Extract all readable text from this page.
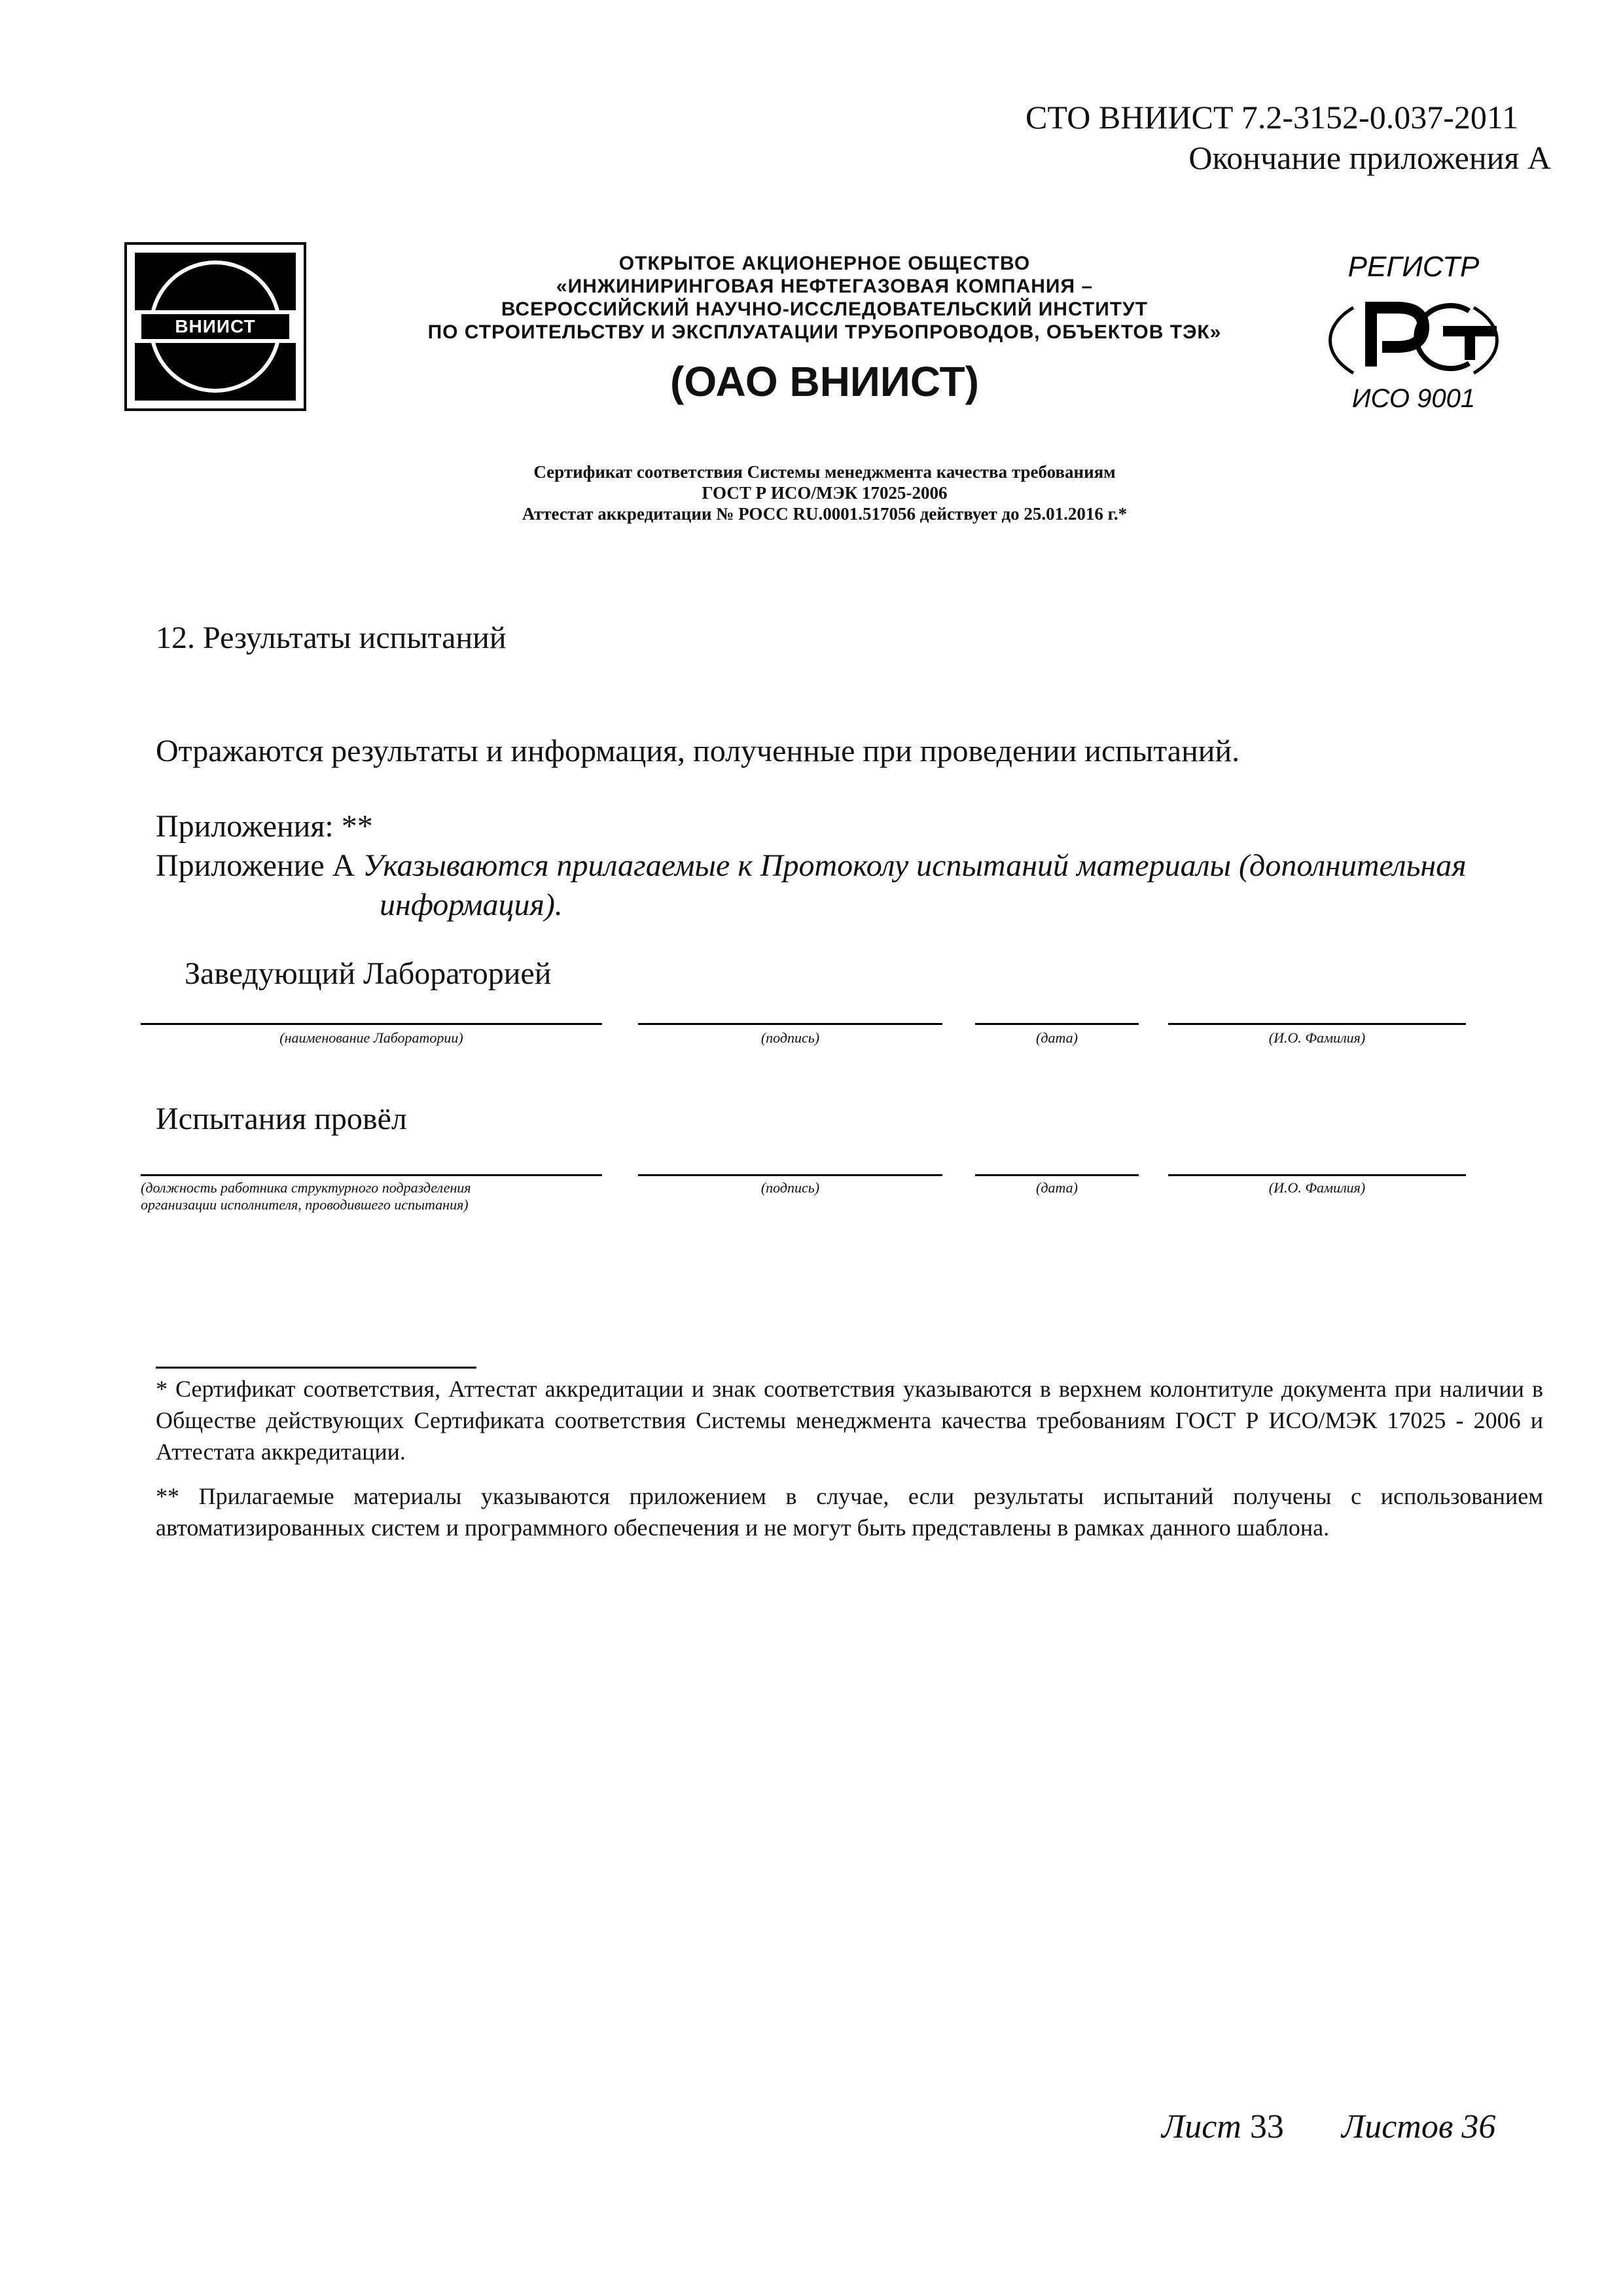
СТО ВНИИСТ 7.2-3152-0.037-2011
Окончание приложения А
ВНИИСТ
ОТКРЫТОЕ АКЦИОНЕРНОЕ ОБЩЕСТВО
«ИНЖИНИРИНГОВАЯ НЕФТЕГАЗОВАЯ КОМПАНИЯ –
ВСЕРОССИЙСКИЙ НАУЧНО-ИССЛЕДОВАТЕЛЬСКИЙ ИНСТИТУТ
ПО СТРОИТЕЛЬСТВУ И ЭКСПЛУАТАЦИИ ТРУБОПРОВОДОВ, ОБЪЕКТОВ ТЭК»
(ОАО ВНИИСТ)
РЕГИСТР
ИСО 9001
Сертификат соответствия Системы менеджмента качества требованиям
ГОСТ Р ИСО/МЭК 17025-2006
Аттестат аккредитации № РОСС RU.0001.517056 действует до 25.01.2016 г.*
12. Результаты испытаний
Отражаются результаты и информация, полученные при проведении испытаний.
Приложения: **
Приложение А Указываются прилагаемые к Протоколу испытаний материалы (дополнительная
информация).
Заведующий Лабораторией
(наименование Лаборатории)	(подпись)	(дата)	(И.О. Фамилия)
Испытания провёл
(должность работника структурного подразделения
организации исполнителя, проводившего испытания)
(подпись)	(дата)	(И.О. Фамилия)
* Сертификат соответствия, Аттестат аккредитации и знак соответствия указываются в верхнем колонтитуле документа при наличии в Обществе действующих Сертификата соответствия Системы менеджмента качества требованиям ГОСТ Р ИСО/МЭК 17025 - 2006 и Аттестата аккредитации.
** Прилагаемые материалы указываются приложением в случае, если результаты испытаний получены с использованием автоматизированных систем и программного обеспечения и не могут быть представлены в рамках данного шаблона.
Лист 33 Листов 36
